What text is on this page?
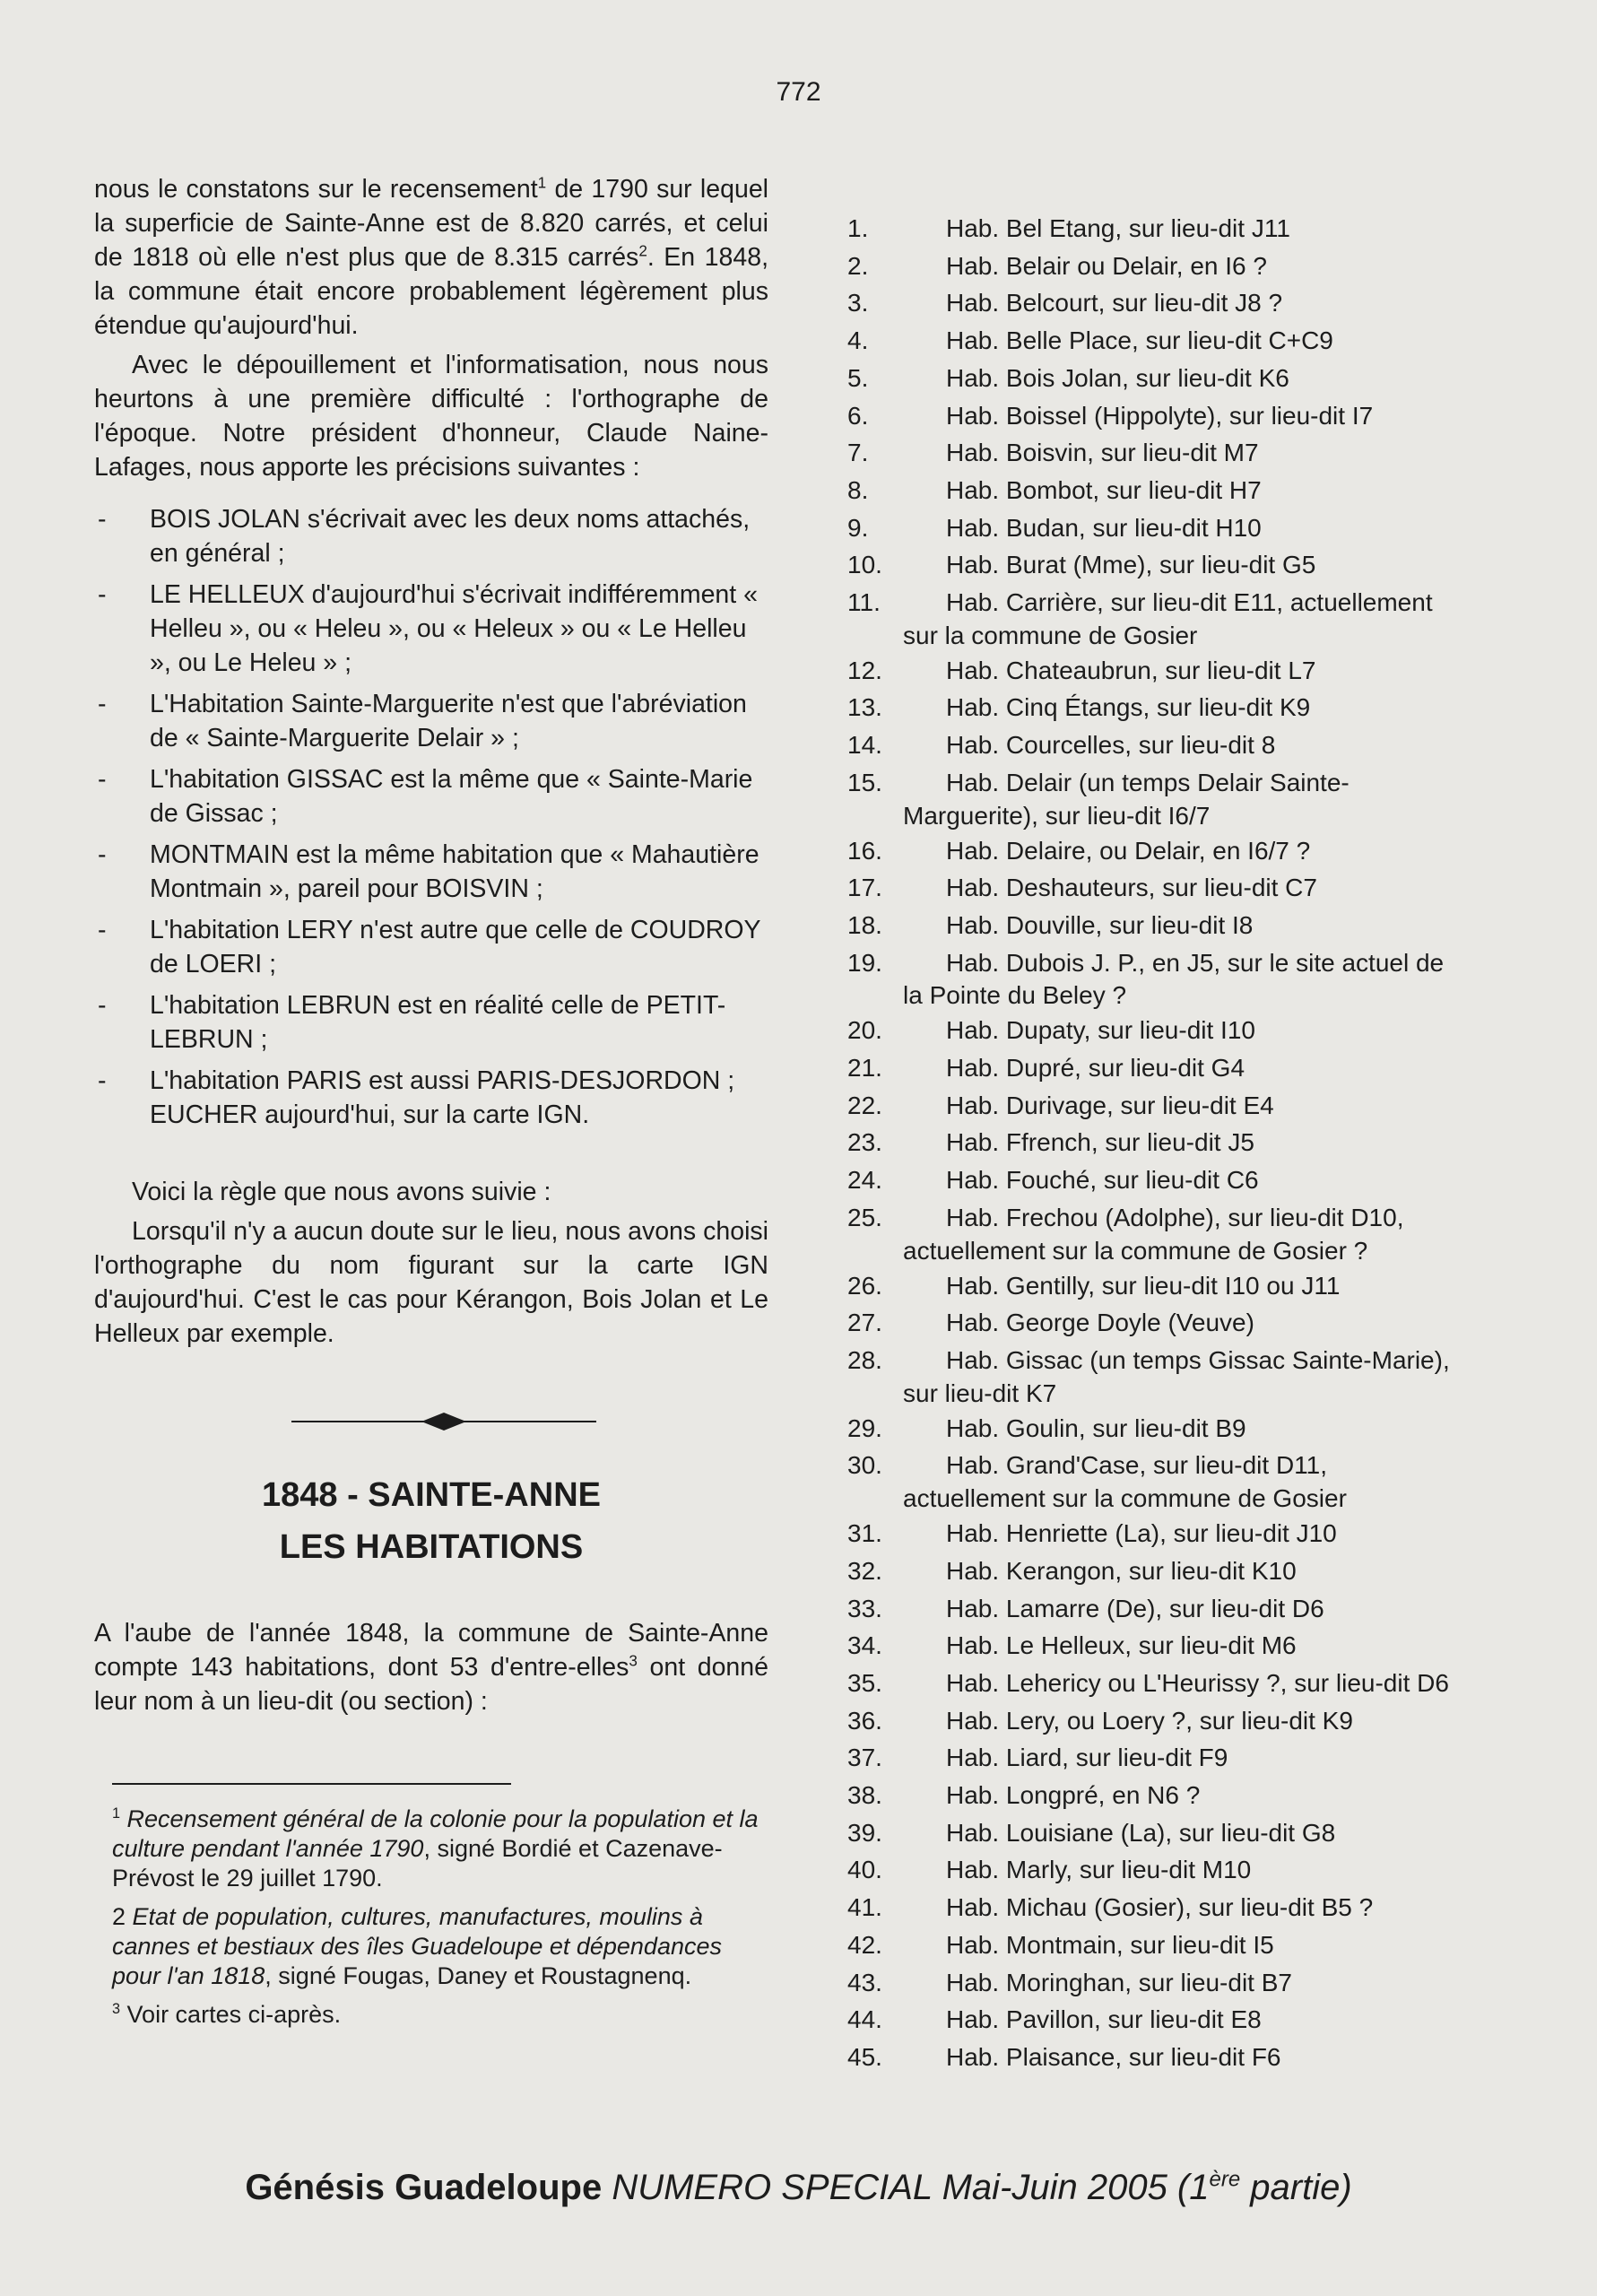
772

nous le constatons sur le recensement$^1$ de 1790 sur lequel la superficie de Sainte-Anne est de 8.820 carrés, et celui de 1818 où elle n'est plus que de 8.315 carrés$^2$. En 1848, la commune était encore probablement légèrement plus étendue qu'aujourd'hui.

Avec le dépouillement et l'informatisation, nous nous heurtons à une première difficulté : l'orthographe de l'époque. Notre président d'honneur, Claude Naine-Lafages, nous apporte les précisions suivantes :

- BOIS JOLAN s'écrivait avec les deux noms attachés, en général ;
- LE HELLEUX d'aujourd'hui s'écrivait indifféremment « Helleu », ou « Heleu », ou « Heleux » ou « Le Helleu », ou Le Heleu » ;
- L'Habitation Sainte-Marguerite n'est que l'abréviation de « Sainte-Marguerite Delair » ;
- L'habitation GISSAC est la même que « Sainte-Marie de Gissac ;
- MONTMAIN est la même habitation que « Mahautière Montmain », pareil pour BOISVIN ;
- L'habitation LERY n'est autre que celle de COUDROY de LOERI ;
- L'habitation LEBRUN est en réalité celle de PETIT-LEBRUN ;
- L'habitation PARIS est aussi PARIS-DESJORDON ; EUCHER aujourd'hui, sur la carte IGN.

Voici la règle que nous avons suivie :

Lorsqu'il n'y a aucun doute sur le lieu, nous avons choisi l'orthographe du nom figurant sur la carte IGN d'aujourd'hui. C'est le cas pour Kérangon, Bois Jolan et Le Helleux par exemple.

1848 - SAINTE-ANNE

LES HABITATIONS

A l'aube de l'année 1848, la commune de Sainte-Anne compte 143 habitations, dont 53 d'entre-elles$^3$ ont donné leur nom à un lieu-dit (ou section) :

$^1$ Recensement général de la colonie pour la population et la culture pendant l'année 1790, signé Bordié et Cazenave-Prévost le 29 juillet 1790.

2 Etat de population, cultures, manufactures, moulins à cannes et bestiaux des îles Guadeloupe et dépendances pour l'an 1818, signé Fougas, Daney et Roustagnenq.

$^3$ Voir cartes ci-après.

1.	Hab. Bel Etang, sur lieu-dit J11
2.	Hab. Belair ou Delair, en I6 ?
3.	Hab. Belcourt, sur lieu-dit J8 ?
4.	Hab. Belle Place, sur lieu-dit C+C9
5.	Hab. Bois Jolan, sur lieu-dit K6
6.	Hab. Boissel (Hippolyte), sur lieu-dit I7
7.	Hab. Boisvin, sur lieu-dit M7
8.	Hab. Bombot, sur lieu-dit H7
9.	Hab. Budan, sur lieu-dit H10
10.	Hab. Burat (Mme), sur lieu-dit G5
11.	Hab. Carrière, sur lieu-dit E11, actuellement
sur la commune de Gosier
12.	Hab. Chateaubrun, sur lieu-dit L7
13.	Hab. Cinq Étangs, sur lieu-dit K9
14.	Hab. Courcelles, sur lieu-dit 8
15.	Hab. Delair (un temps Delair Sainte-
Marguerite), sur lieu-dit I6/7
16.	Hab. Delaire, ou Delair, en I6/7 ?
17.	Hab. Deshauteurs, sur lieu-dit C7
18.	Hab. Douville, sur lieu-dit I8
19.	Hab. Dubois J. P., en J5, sur le site actuel de
la Pointe du Beley ?
20.	Hab. Dupaty, sur lieu-dit I10
21.	Hab. Dupré, sur lieu-dit G4
22.	Hab. Durivage, sur lieu-dit E4
23.	Hab. Ffrench, sur lieu-dit J5
24.	Hab. Fouché, sur lieu-dit C6
25.	Hab. Frechou (Adolphe), sur lieu-dit D10,
actuellement sur la commune de Gosier ?
26.	Hab. Gentilly, sur lieu-dit I10 ou J11
27.	Hab. George Doyle (Veuve)
28.	Hab. Gissac (un temps Gissac Sainte-Marie),
sur lieu-dit K7
29.	Hab. Goulin, sur lieu-dit B9
30.	Hab. Grand'Case, sur lieu-dit D11,
actuellement sur la commune de Gosier
31.	Hab. Henriette (La), sur lieu-dit J10
32.	Hab. Kerangon, sur lieu-dit K10
33.	Hab. Lamarre (De), sur lieu-dit D6
34.	Hab. Le Helleux, sur lieu-dit M6
35.	Hab. Lehericy ou L'Heurissy ?, sur lieu-dit D6
36.	Hab. Lery, ou Loery ?, sur lieu-dit K9
37.	Hab. Liard, sur lieu-dit F9
38.	Hab. Longpré, en N6 ?
39.	Hab. Louisiane (La), sur lieu-dit G8
40.	Hab. Marly, sur lieu-dit M10
41.	Hab. Michau (Gosier), sur lieu-dit B5 ?
42.	Hab. Montmain, sur lieu-dit I5
43.	Hab. Moringhan, sur lieu-dit B7
44.	Hab. Pavillon, sur lieu-dit E8
45.	Hab. Plaisance, sur lieu-dit F6
Génésis Guadeloupe NUMERO SPECIAL Mai-Juin 2005 (1ère partie)
